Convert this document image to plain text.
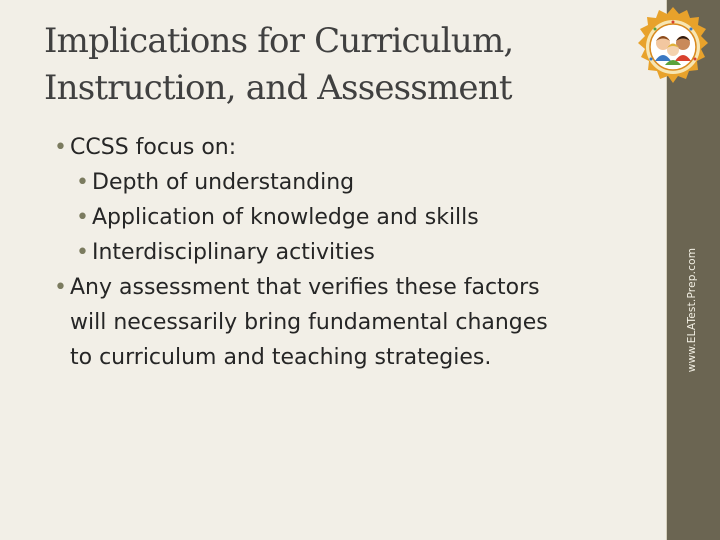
Implications for Curriculum,
Instruction, and Assessment
• CCSS focus on:
• Depth of understanding
• Application of knowledge and skills
• Interdisciplinary activities
• Any assessment that verifies these factors
will necessarily bring fundamental changes
to curriculum and teaching strategies.	www.ELATest.Prep.com
